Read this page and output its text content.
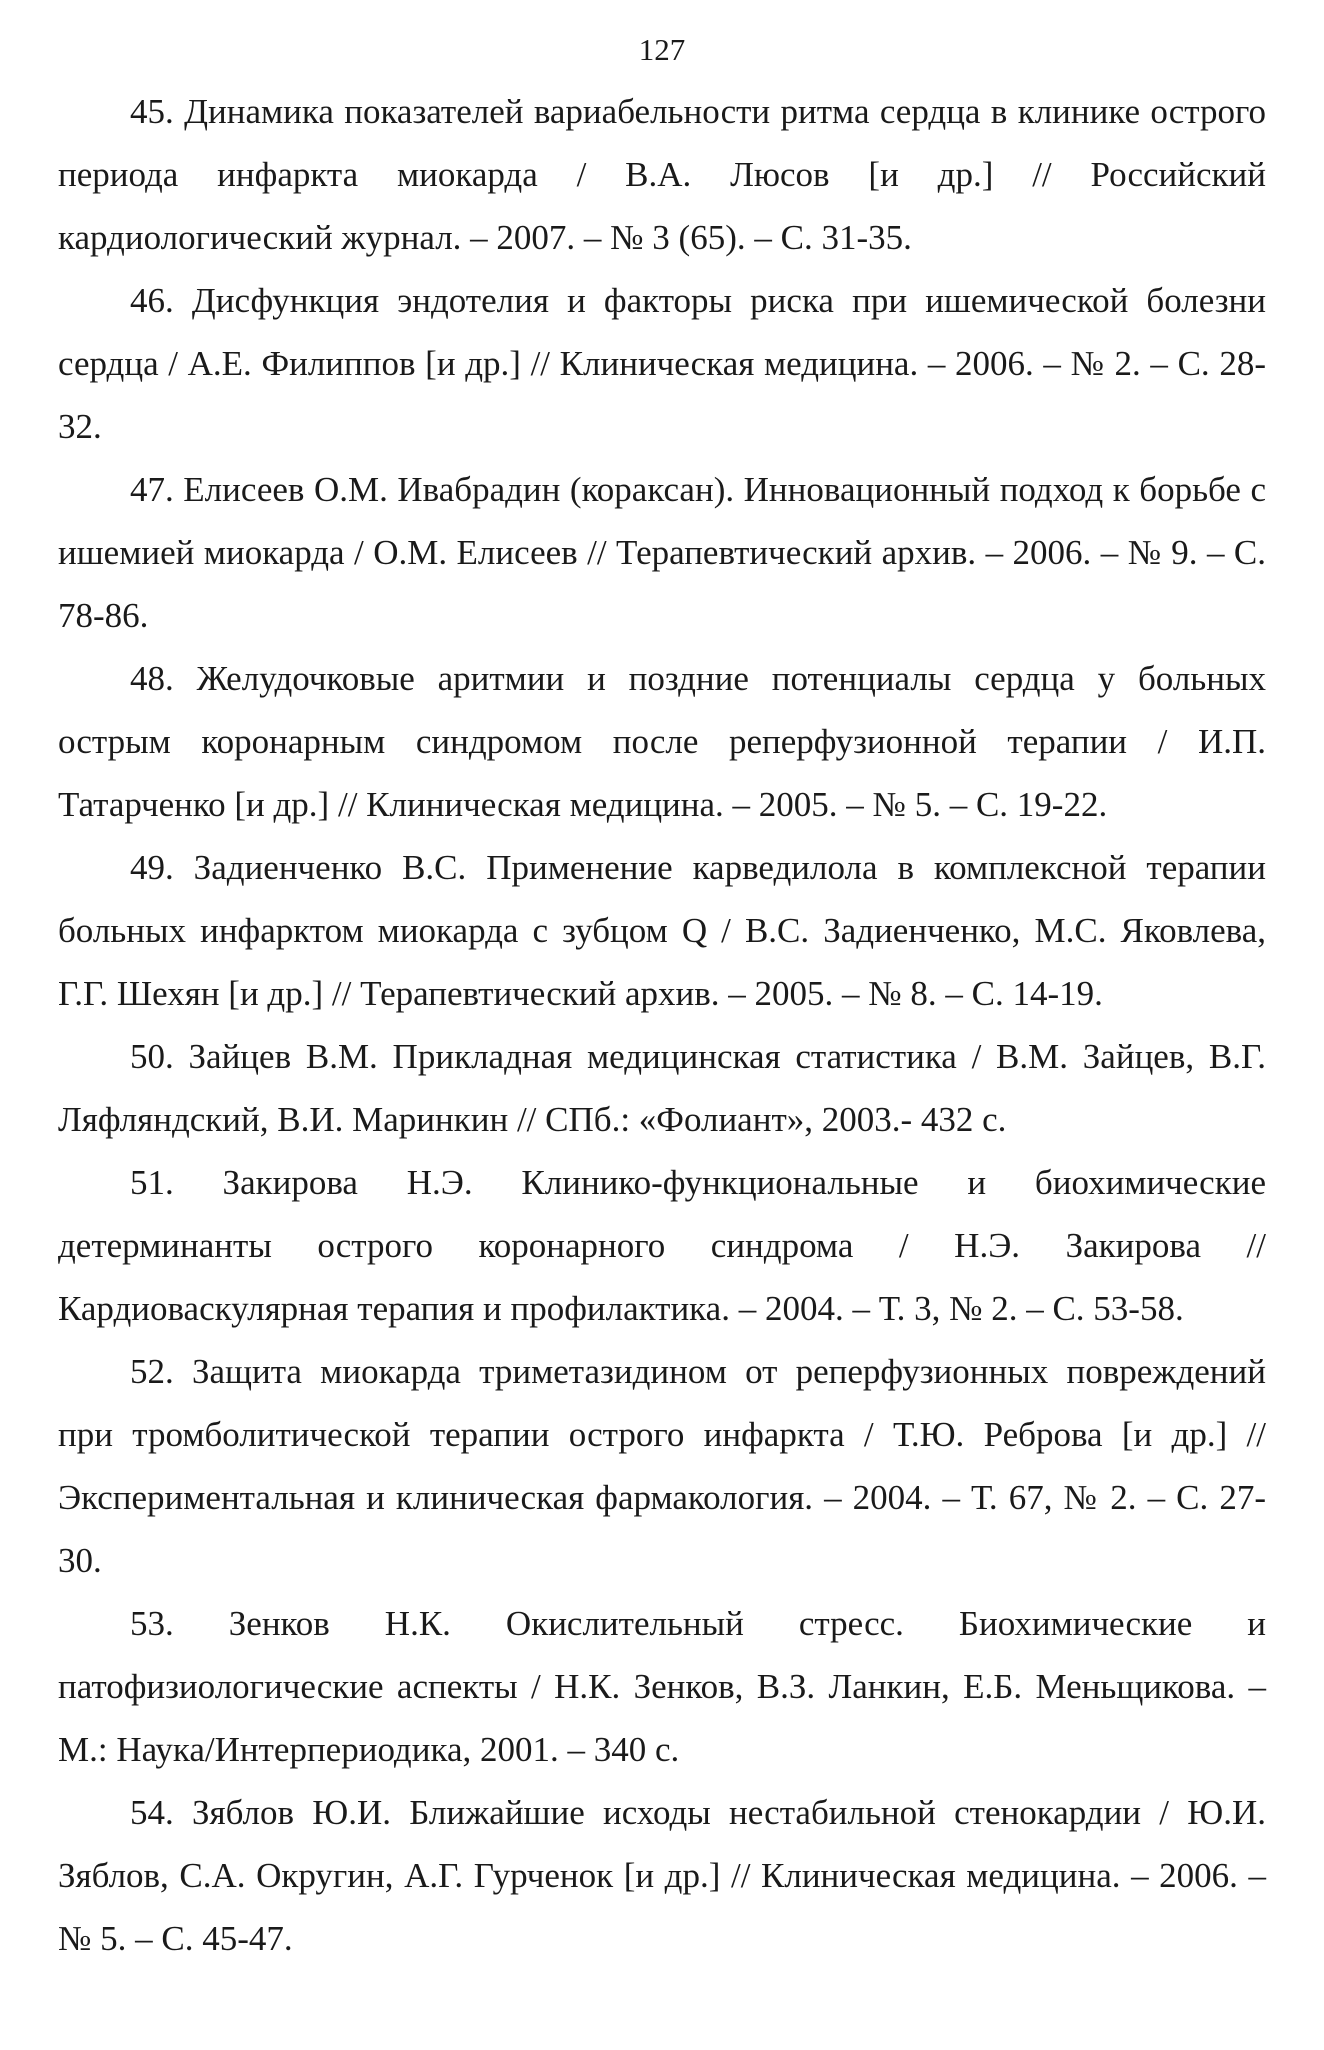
127

45. Динамика показателей вариабельности ритма сердца в клинике острого периода инфаркта миокарда / В.А. Люсов [и др.] // Российский кардиологический журнал. – 2007. – № 3 (65). – С. 31-35.

46. Дисфункция эндотелия и факторы риска при ишемической болезни сердца / А.Е. Филиппов [и др.] // Клиническая медицина. – 2006. – № 2. – С. 28-32.

47. Елисеев О.М. Ивабрадин (кораксан). Инновационный подход к борьбе с ишемией миокарда / О.М. Елисеев // Терапевтический архив. – 2006. – № 9. – С. 78-86.

48. Желудочковые аритмии и поздние потенциалы сердца у больных острым коронарным синдромом после реперфузионной терапии / И.П. Татарченко [и др.] // Клиническая медицина. – 2005. – № 5. – С. 19-22.

49. Задиенченко В.С. Применение карведилола в комплексной терапии больных инфарктом миокарда с зубцом Q / В.С. Задиенченко, М.С. Яковлева, Г.Г. Шехян [и др.] // Терапевтический архив. – 2005. – № 8. – С. 14-19.

50. Зайцев В.М. Прикладная медицинская статистика / В.М. Зайцев, В.Г. Ляфляндский, В.И. Маринкин // СПб.: «Фолиант», 2003.- 432 с.

51. Закирова Н.Э. Клинико-функциональные и биохимические детерминанты острого коронарного синдрома / Н.Э. Закирова // Кардиоваскулярная терапия и профилактика. – 2004. – Т. 3, № 2. – С. 53-58.

52. Защита миокарда триметазидином от реперфузионных повреждений при тромболитической терапии острого инфаркта / Т.Ю. Реброва [и др.] // Экспериментальная и клиническая фармакология. – 2004. – Т. 67, № 2. – С. 27-30.

53. Зенков Н.К. Окислительный стресс. Биохимические и патофизиологические аспекты / Н.К. Зенков, В.З. Ланкин, Е.Б. Меньщикова. – М.: Наука/Интерпериодика, 2001. – 340 с.

54. Зяблов Ю.И. Ближайшие исходы нестабильной стенокардии / Ю.И. Зяблов, С.А. Округин, А.Г. Гурченок [и др.] // Клиническая медицина. – 2006. – № 5. – С. 45-47.
